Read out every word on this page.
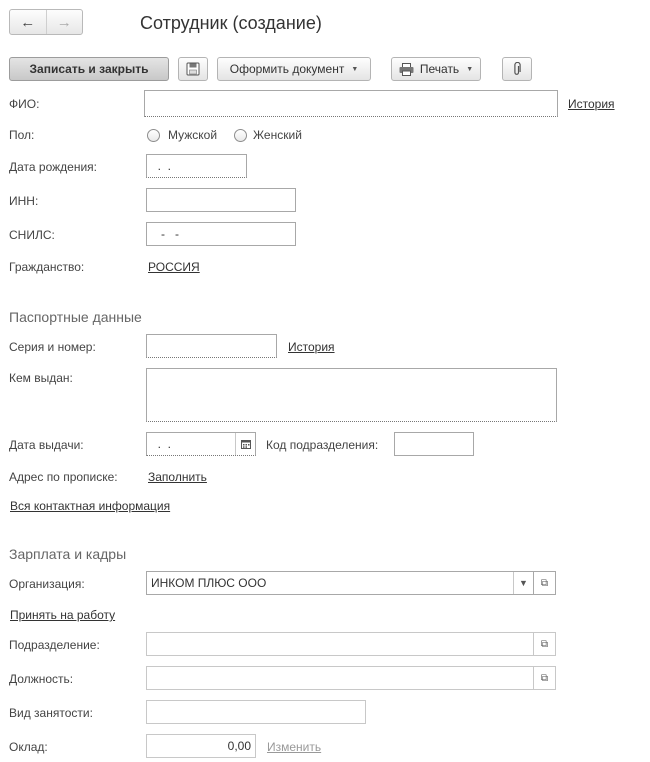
←	→	Сотрудник (создание)
Записать и закрыть	Оформить документ ▼	Печать ▼
ФИО:	История
Пол:	Мужской	Женский
Дата рождения:	.  .
ИНН:
СНИЛС:	-   -
Гражданство:	РОССИЯ
Паспортные данные
Серия и номер:	История
Кем выдан:
Дата выдачи:	.  .	Код подразделения:
Адрес по прописке:	Заполнить
Вся контактная информация
Зарплата и кадры
Организация:	ИНКОМ ПЛЮС ООО	▼	⧉
Принять на работу
Подразделение:	⧉
Должность:	⧉
Вид занятости:
Оклад:	0,00	Изменить
